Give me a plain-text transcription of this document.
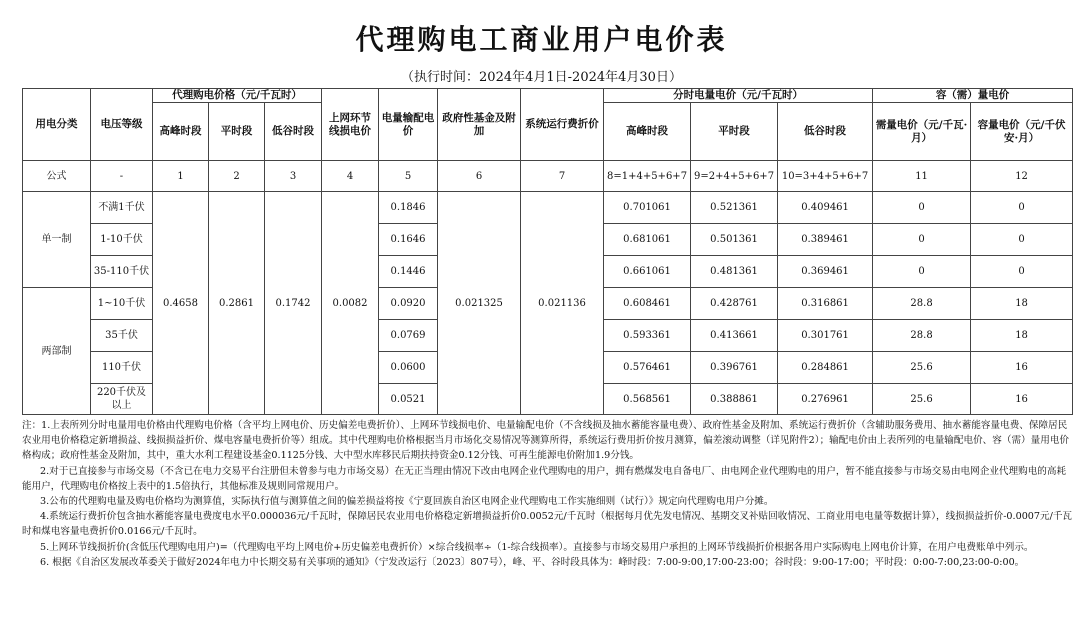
代理购电工商业用户电价表
（执行时间：2024年4月1日-2024年4月30日）
用电分类	电压等级	代理购电价格（元/千瓦时）			上网环节线损电价	电量输配电价	政府性基金及附加	系统运行费折价	分时电量电价（元/千瓦时）			容（需）量电价	
		高峰时段	平时段	低谷时段					高峰时段	平时段	低谷时段	需量电价（元/千瓦·月）	容量电价（元/千伏安·月）
公式	-	1	2	3	4	5	6	7	8=1+4+5+6+7	9=2+4+5+6+7	10=3+4+5+6+7	11	12
单一制	不满1千伏	0.4658	0.2861	0.1742	0.0082	0.1846	0.021325	0.021136	0.701061	0.521361	0.409461	0	0
	1-10千伏					0.1646			0.681061	0.501361	0.389461	0	0
	35-110千伏					0.1446			0.661061	0.481361	0.369461	0	0
两部制	1~10千伏					0.0920			0.608461	0.428761	0.316861	28.8	18
	35千伏					0.0769			0.593361	0.413661	0.301761	28.8	18
	110千伏					0.0600			0.576461	0.396761	0.284861	25.6	16
	220千伏及以上					0.0521			0.568561	0.388861	0.276961	25.6	16

注：1.上表所列分时电量用电价格由代理购电价格（含平均上网电价、历史偏差电费折价）、上网环节线损电价、电量输配电价（不含线损及抽水蓄能容量电费）、政府性基金及附加、系统运行费折价（含辅助服务费用、抽水蓄能容量电费、保障居民农业用电价格稳定新增损益、线损损益折价、煤电容量电费折价等）组成。其中代理购电价格根据当月市场化交易情况等测算所得，系统运行费用折价按月测算，偏差滚动调整（详见附件2）；输配电价由上表所列的电量输配电价、容（需）量用电价格构成；政府性基金及附加，其中，重大水利工程建设基金0.1125分钱、大中型水库移民后期扶持资金0.12分钱、可再生能源电价附加1.9分钱。

2.对于已直接参与市场交易（不含已在电力交易平台注册但未曾参与电力市场交易）在无正当理由情况下改由电网企业代理购电的用户，拥有燃煤发电自备电厂、由电网企业代理购电的用户，暂不能直接参与市场交易由电网企业代理购电的高耗能用户，代理购电价格按上表中的1.5倍执行，其他标准及规则同常规用户。

3.公布的代理购电量及购电价格均为测算值，实际执行值与测算值之间的偏差损益将按《宁夏回族自治区电网企业代理购电工作实施细则（试行）》规定向代理购电用户分摊。

4.系统运行费折价包含抽水蓄能容量电费度电水平0.000036元/千瓦时，保障居民农业用电价格稳定新增损益折价0.0052元/千瓦时（根据每月优先发电情况、基期交叉补贴回收情况、工商业用电电量等数据计算），线损损益折价-0.0007元/千瓦时和煤电容量电费折价0.0166元/千瓦时。

5.上网环节线损折价(含低压代理购电用户)=（代理购电平均上网电价+历史偏差电费折价）×综合线损率÷（1-综合线损率）。直接参与市场交易用户承担的上网环节线损折价根据各用户实际购电上网电价计算，在用户电费账单中列示。

6. 根据《自治区发展改革委关于做好2024年电力中长期交易有关事项的通知》（宁发改运行〔2023〕807号），峰、平、谷时段具体为：峰时段：7:00-9:00,17:00-23:00；谷时段：9:00-17:00；平时段：0:00-7:00,23:00-0:00。
